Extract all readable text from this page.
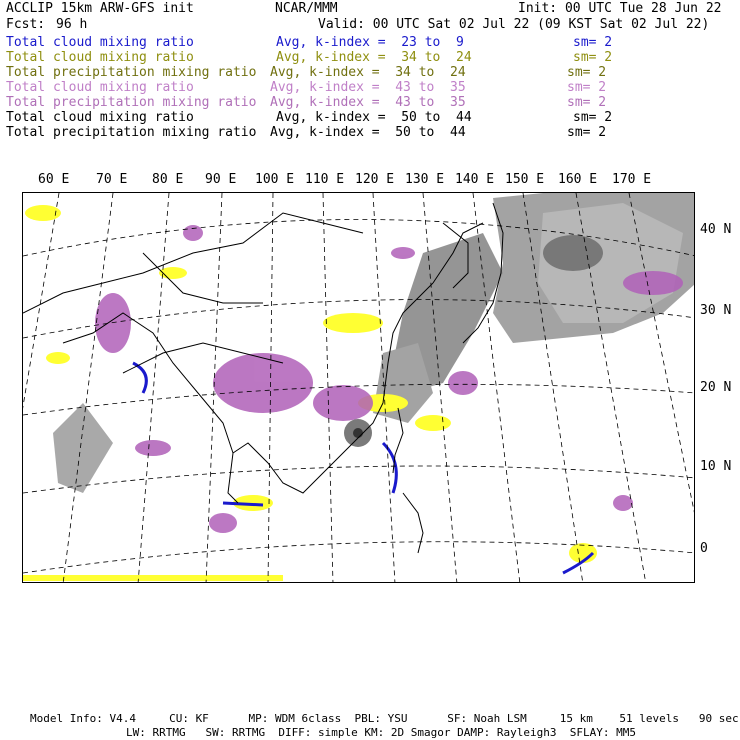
ACCLIP 15km ARW-GFS init	NCAR/MMM	Init: 00 UTC Tue 28 Jun 22
Fcst: 96 h	Valid: 00 UTC Sat 02 Jul 22 (09 KST Sat 02 Jul 22)
Total cloud mixing ratio	Avg, k-index =  23 to  9	sm= 2
Total cloud mixing ratio	Avg, k-index =  34 to  24	sm= 2
Total precipitation mixing ratio Avg, k-index =  34 to  24	sm= 2
Total cloud mixing ratio	Avg, k-index =  43 to  35	sm= 2
Total precipitation mixing ratio Avg, k-index =  43 to  35	sm= 2
Total cloud mixing ratio	Avg, k-index =  50 to  44	sm= 2
Total precipitation mixing ratio Avg, k-index =  50 to  44	sm= 2
60 E 70 E 80 E 90 E 100 E 110 E 120 E 130 E 140 E 150 E 160 E 170 E
40 N
30 N
20 N
10 N
0
Model Info: V4.4     CU: KF      MP: WDM 6class  PBL: YSU      SF: Noah LSM     15 km    51 levels   90 sec
LW: RRTMG   SW: RRTMG  DIFF: simple KM: 2D Smagor DAMP: Rayleigh3  SFLAY: MM5
